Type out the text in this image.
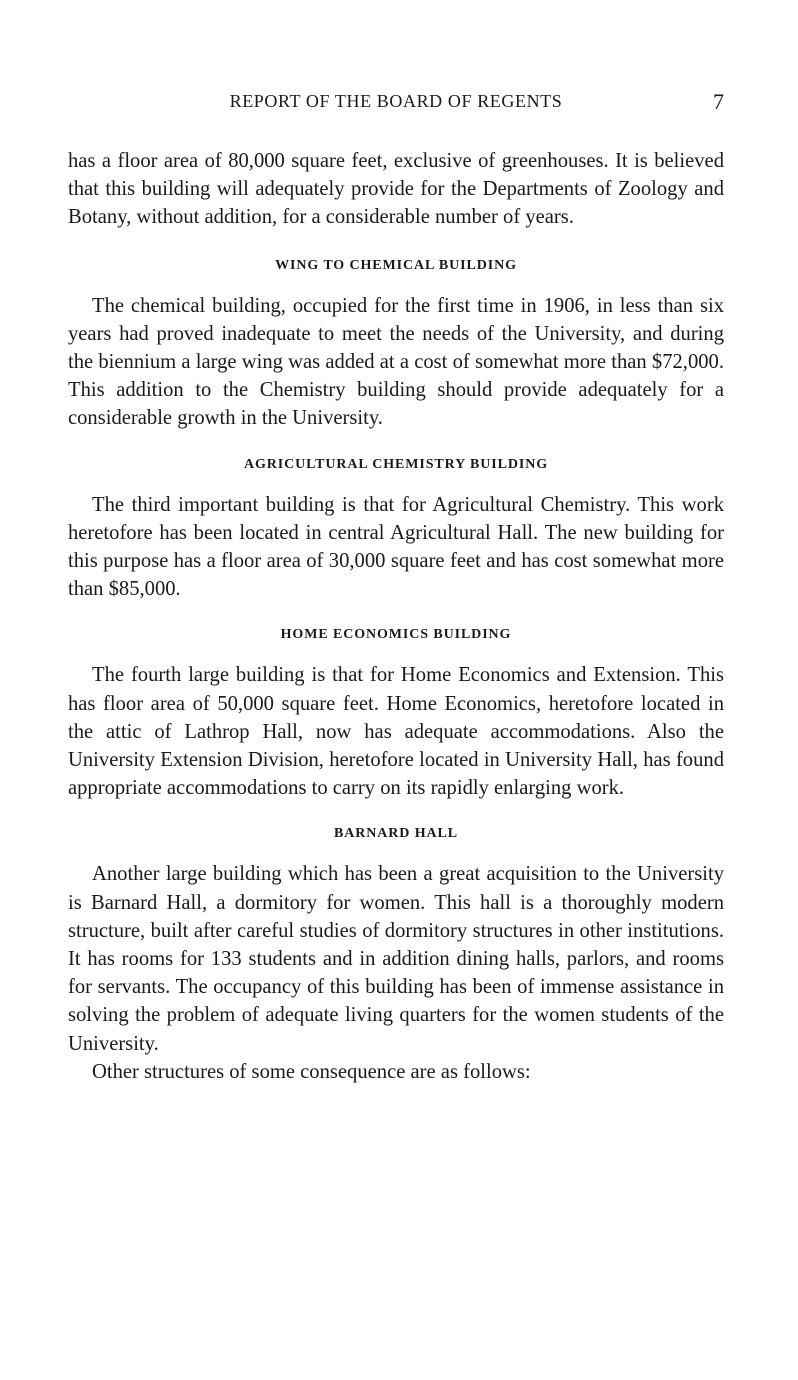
REPORT OF THE BOARD OF REGENTS	7

has a floor area of 80,000 square feet, exclusive of greenhouses. It is believed that this building will adequately provide for the Departments of Zoology and Botany, without addition, for a considerable number of years.

WING TO CHEMICAL BUILDING

The chemical building, occupied for the first time in 1906, in less than six years had proved inadequate to meet the needs of the University, and during the biennium a large wing was added at a cost of somewhat more than $72,000. This addition to the Chemistry building should provide adequately for a considerable growth in the University.

AGRICULTURAL CHEMISTRY BUILDING

The third important building is that for Agricultural Chemistry. This work heretofore has been located in central Agricultural Hall. The new building for this purpose has a floor area of 30,000 square feet and has cost somewhat more than $85,000.

HOME ECONOMICS BUILDING

The fourth large building is that for Home Economics and Extension. This has floor area of 50,000 square feet. Home Economics, heretofore located in the attic of Lathrop Hall, now has adequate accommodations. Also the University Extension Division, heretofore located in University Hall, has found appropriate accommodations to carry on its rapidly enlarging work.

BARNARD HALL

Another large building which has been a great acquisition to the University is Barnard Hall, a dormitory for women. This hall is a thoroughly modern structure, built after careful studies of dormitory structures in other institutions. It has rooms for 133 students and in addition dining halls, parlors, and rooms for servants. The occupancy of this building has been of immense assistance in solving the problem of adequate living quarters for the women students of the University.

Other structures of some consequence are as follows:
